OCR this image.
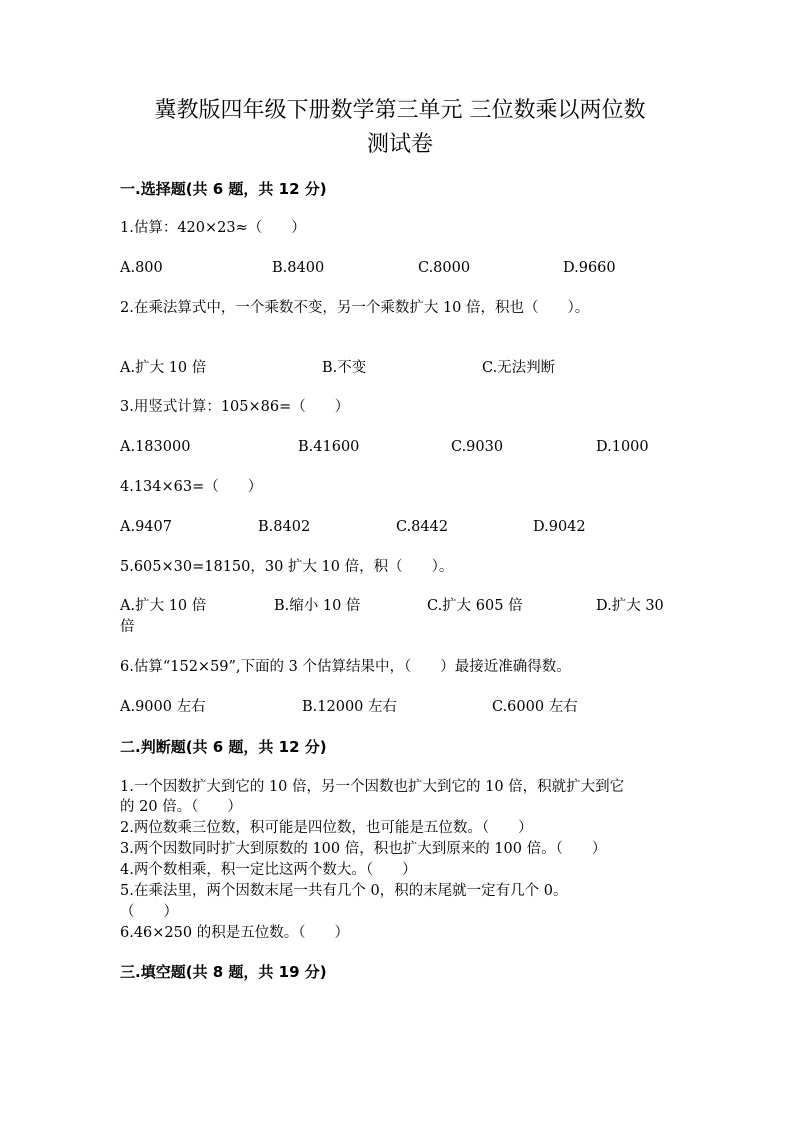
冀教版四年级下册数学第三单元 三位数乘以两位数
测试卷
一.选择题(共 6 题，共 12 分)
1.估算：420×23≈（　　）
A.800	B.8400	C.8000	D.9660
2.在乘法算式中，一个乘数不变，另一个乘数扩大 10 倍，积也（　　）。
A.扩大 10 倍	B.不变	C.无法判断
3.用竖式计算：105×86=（　　）
A.183000	B.41600	C.9030	D.1000
4.134×63=（　　）
A.9407	B.8402	C.8442	D.9042
5.605×30=18150，30 扩大 10 倍，积（　　）。
A.扩大 10 倍	B.缩小 10 倍	C.扩大 605 倍	D.扩大 30
倍
6.估算“152×59”,下面的 3 个估算结果中，（　　）最接近准确得数。
A.9000 左右	B.12000 左右	C.6000 左右
二.判断题(共 6 题，共 12 分)
1.一个因数扩大到它的 10 倍，另一个因数也扩大到它的 10 倍，积就扩大到它
的 20 倍。（　　）
2.两位数乘三位数，积可能是四位数，也可能是五位数。（　　）
3.两个因数同时扩大到原数的 100 倍，积也扩大到原来的 100 倍。（　　）
4.两个数相乘，积一定比这两个数大。（　　）
5.在乘法里，两个因数末尾一共有几个 0，积的末尾就一定有几个 0。
（　　）
6.46×250 的积是五位数。（　　）
三.填空题(共 8 题，共 19 分)
